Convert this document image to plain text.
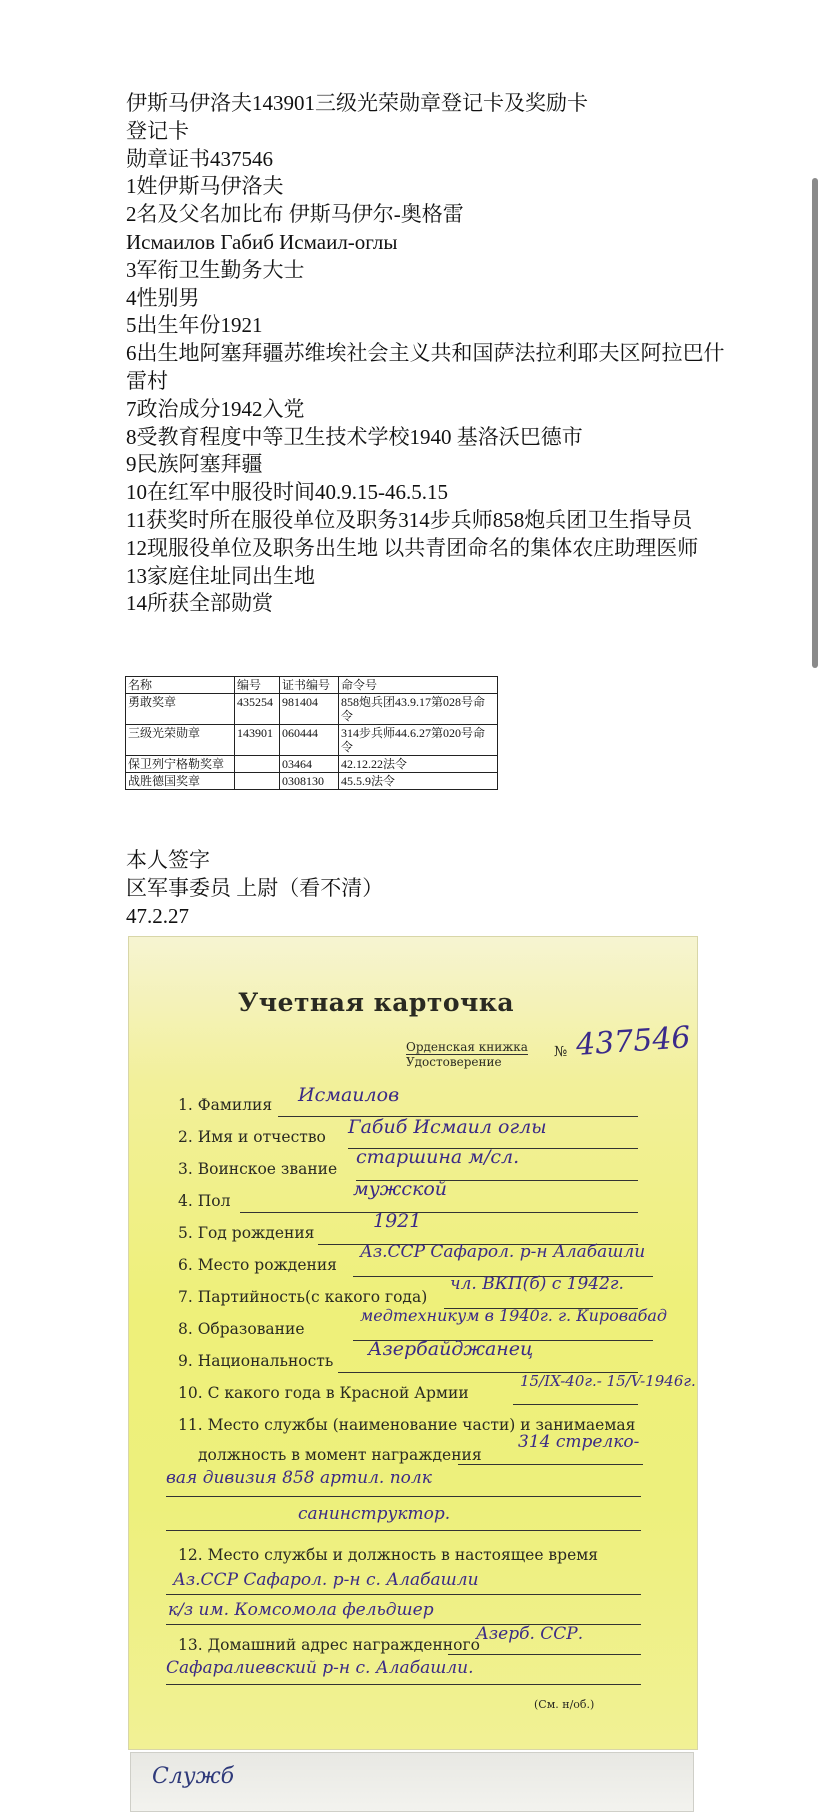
伊斯马伊洛夫143901三级光荣勋章登记卡及奖励卡
登记卡
勋章证书437546
1姓伊斯马伊洛夫
2名及父名加比布 伊斯马伊尔-奥格雷
Исмаилов Габиб Исмаил-оглы
3军衔卫生勤务大士
4性别男
5出生年份1921
6出生地阿塞拜疆苏维埃社会主义共和国萨法拉利耶夫区阿拉巴什雷村
7政治成分1942入党
8受教育程度中等卫生技术学校1940 基洛沃巴德市
9民族阿塞拜疆
10在红军中服役时间40.9.15-46.5.15
11获奖时所在服役单位及职务314步兵师858炮兵团卫生指导员
12现服役单位及职务出生地 以共青团命名的集体农庄助理医师
13家庭住址同出生地
14所获全部勋赏
名称	编号	证书编号	命令号
勇敢奖章	435254	981404	858炮兵团43.9.17第028号命令
三级光荣勋章	143901	060444	314步兵师44.6.27第020号命令
保卫列宁格勒奖章		03464	42.12.22法令
战胜德国奖章		0308130	45.5.9法令
本人签字
区军事委员 上尉（看不清）
47.2.27
Учетная карточка
Орденская книжка
Удостоверение
№ 437546
1. Фамилия Исмаилов
2. Имя и отчество Габиб Исмаил оглы
3. Воинское звание
старшина м/сл.
4. Пол
мужской
5. Год рождения
1921
6. Место рождения
Аз.ССР Сафарол. р-н Алабашли
7. Партийность(с какого года)
чл. ВКП(б) с 1942г.
8. Образование
медтехникум в 1940г. г. Кировабад
9. Национальность
Азербайджанец
10. С какого года в Красной Армии
15/IX-40г.- 15/V-1946г.
11. Место службы (наименование части) и занимаемая
должность в момент награждения
314 стрелко-
вая дивизия 858 артил. полк
санинструктор.
12. Место службы и должность в настоящее время
Аз.ССР Сафарол. р-н с. Алабашли
к/з им. Комсомола фельдшер
13. Домашний адрес награжденного
Азерб. ССР.
Сафаралиевский р-н с. Алабашли.
(См. н/об.)
Служб
